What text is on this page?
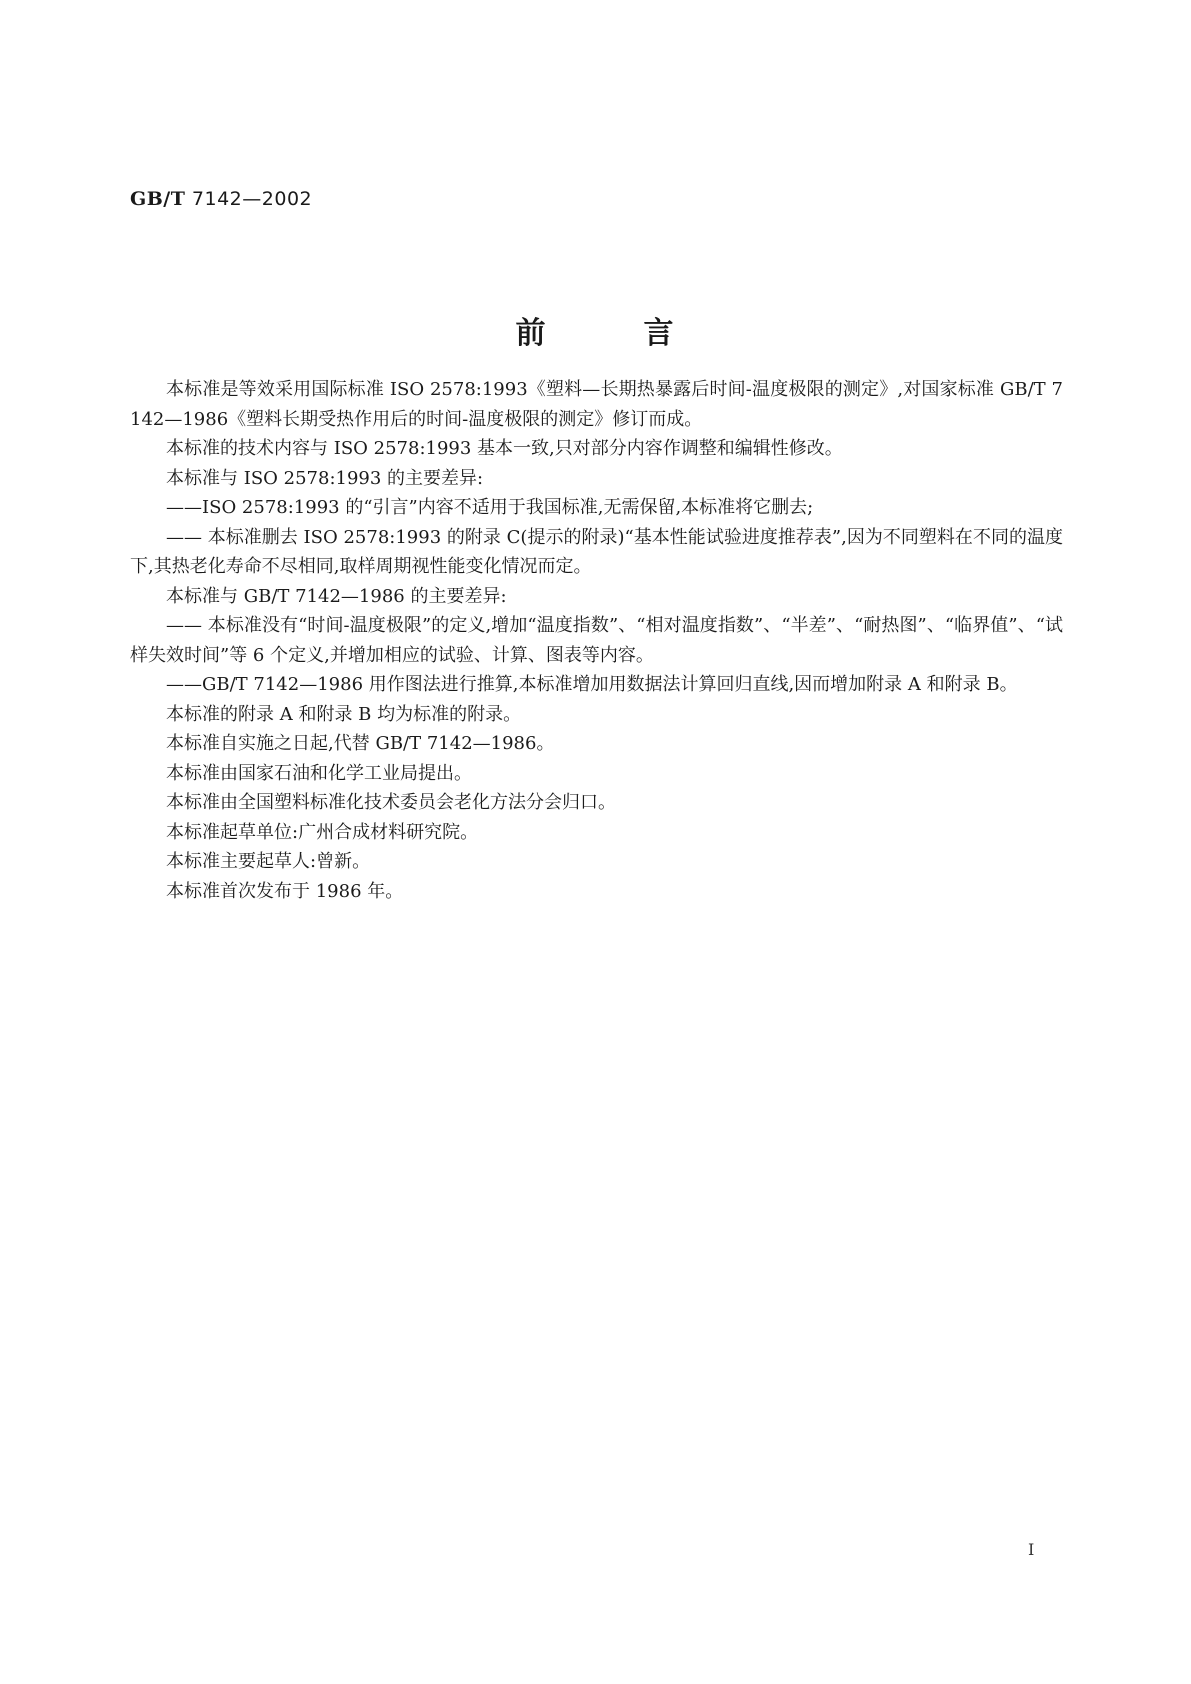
GB/T 7142—2002
前	言

本标准是等效采用国际标准 ISO 2578:1993《塑料—长期热暴露后时间-温度极限的测定》,对国家标准 GB/T 7142—1986《塑料长期受热作用后的时间-温度极限的测定》修订而成。

本标准的技术内容与 ISO 2578:1993 基本一致,只对部分内容作调整和编辑性修改。

本标准与 ISO 2578:1993 的主要差异:

——ISO 2578:1993 的“引言”内容不适用于我国标准,无需保留,本标准将它删去;

—— 本标准删去 ISO 2578:1993 的附录 C(提示的附录)“基本性能试验进度推荐表”,因为不同塑料在不同的温度下,其热老化寿命不尽相同,取样周期视性能变化情况而定。

本标准与 GB/T 7142—1986 的主要差异:

—— 本标准没有“时间-温度极限”的定义,增加“温度指数”、“相对温度指数”、“半差”、“耐热图”、“临界值”、“试样失效时间”等 6 个定义,并增加相应的试验、计算、图表等内容。

——GB/T 7142—1986 用作图法进行推算,本标准增加用数据法计算回归直线,因而增加附录 A 和附录 B。

本标准的附录 A 和附录 B 均为标准的附录。

本标准自实施之日起,代替 GB/T 7142—1986。

本标准由国家石油和化学工业局提出。

本标准由全国塑料标准化技术委员会老化方法分会归口。

本标准起草单位:广州合成材料研究院。

本标准主要起草人:曾新。

本标准首次发布于 1986 年。

I
